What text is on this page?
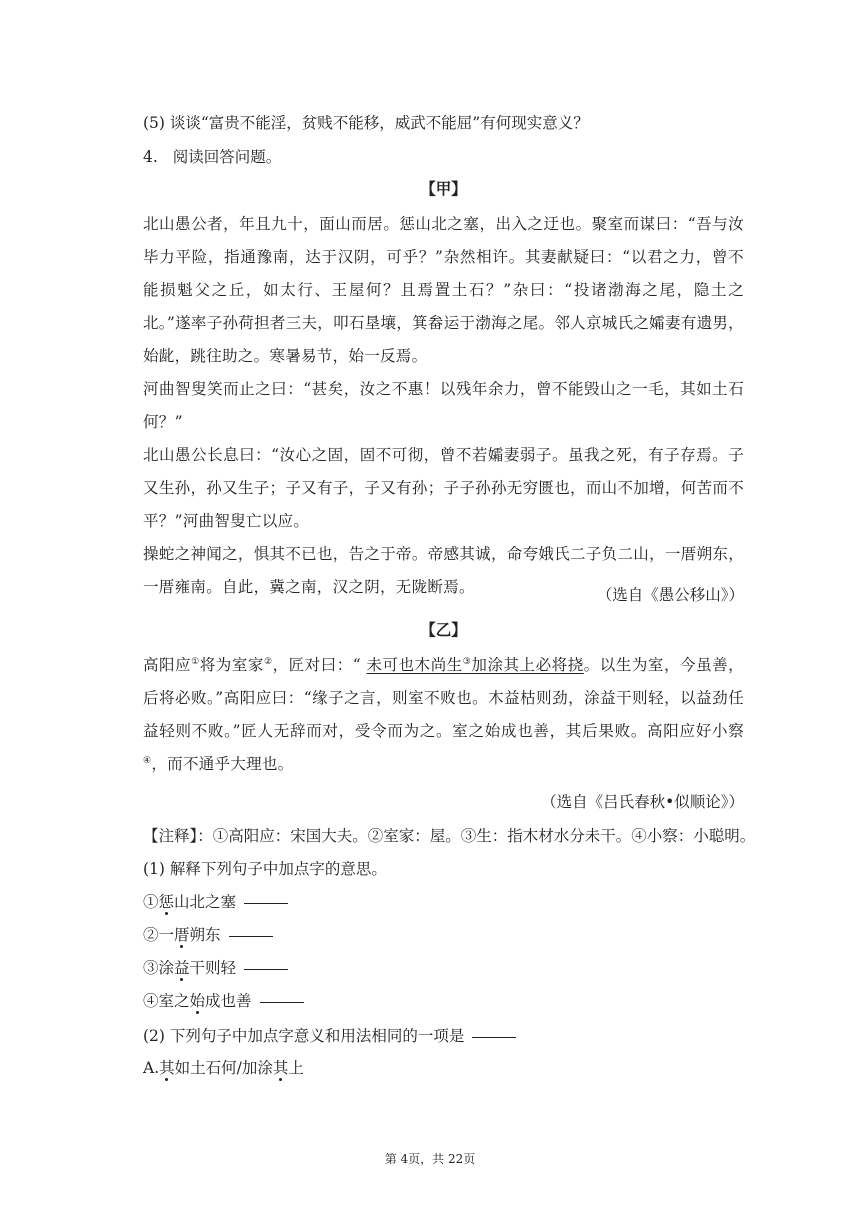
(5) 谈谈“富贵不能淫，贫贱不能移，威武不能屈”有何现实意义？
4. 阅读回答问题。
【甲】

北山愚公者，年且九十，面山而居。惩山北之塞，出入之迂也。聚室而谋曰：“吾与汝毕力平险，指通豫南，达于汉阴，可乎？”杂然相许。其妻献疑曰：“以君之力，曾不能损魁父之丘，如太行、王屋何？且焉置土石？”杂曰：“投诸渤海之尾，隐土之北。”遂率子孙荷担者三夫，叩石垦壤，箕畚运于渤海之尾。邻人京城氏之孀妻有遗男，始龀，跳往助之。寒暑易节，始一反焉。

河曲智叟笑而止之曰：“甚矣，汝之不惠！以残年余力，曾不能毁山之一毛，其如土石何？”

北山愚公长息曰：“汝心之固，固不可彻，曾不若孀妻弱子。虽我之死，有子存焉。子又生孙，孙又生子；子又有子，子又有孙；子子孙孙无穷匮也，而山不加增，何苦而不平？”河曲智叟亡以应。

操蛇之神闻之，惧其不已也，告之于帝。帝感其诚，命夸娥氏二子负二山，一厝朔东，一厝雍南。自此，冀之南，汉之阴，无陇断焉。	（选自《愚公移山》）
【乙】

高阳应①将为室家②，匠对曰：“ 未可也木尚生③加涂其上必将挠。以生为室，今虽善，后将必败。”高阳应曰：“缘子之言，则室不败也。木益枯则劲，涂益干则轻，以益劲任益轻则不败。”匠人无辞而对，受令而为之。室之始成也善，其后果败。高阳应好小察④，而不通乎大理也。

（选自《吕氏春秋•似顺论》）
【注释】：①高阳应：宋国大夫。②室家：屋。③生：指木材水分未干。④小察：小聪明。
(1) 解释下列句子中加点字的意思。
①惩山北之塞
②一厝朔东
③涂益干则轻
④室之始成也善
(2) 下列句子中加点字意义和用法相同的一项是
A.其如土石何/加涂其上
第 4页，共 22页
